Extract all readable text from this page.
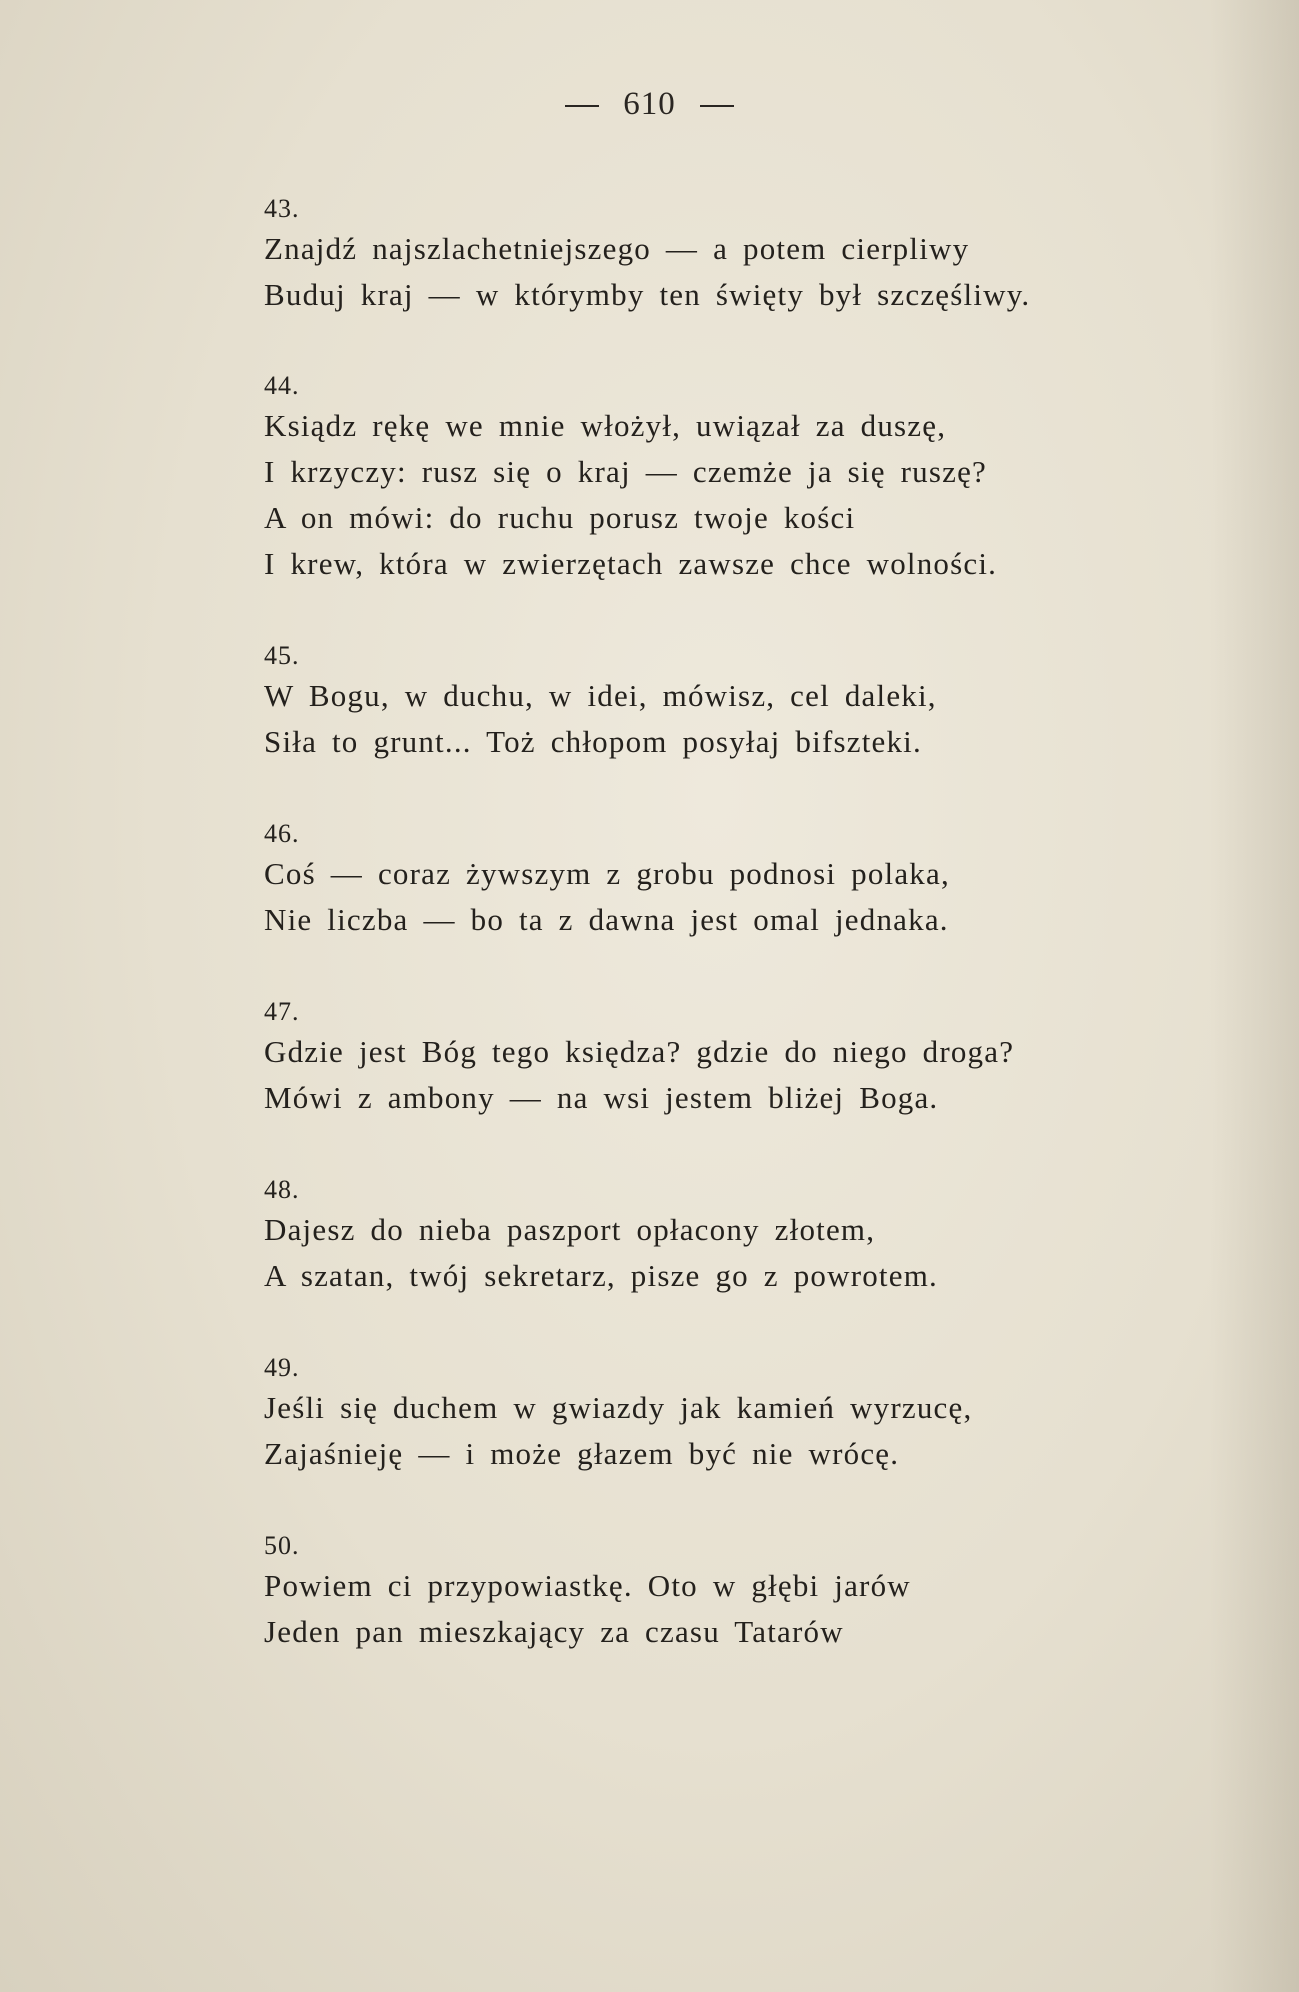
610
43.
Znajdź najszlachetniejszego — a potem cierpliwy
Buduj kraj — w którymby ten święty był szczęśliwy.
44.
Ksiądz rękę we mnie włożył, uwiązał za duszę,
I krzyczy: rusz się o kraj — czemże ja się ruszę?
A on mówi: do ruchu porusz twoje kości
I krew, która w zwierzętach zawsze chce wolności.
45.
W Bogu, w duchu, w idei, mówisz, cel daleki,
Siła to grunt... Toż chłopom posyłaj bifszteki.
46.
Coś — coraz żywszym z grobu podnosi polaka,
Nie liczba — bo ta z dawna jest omal jednaka.
47.
Gdzie jest Bóg tego księdza? gdzie do niego droga?
Mówi z ambony — na wsi jestem bliżej Boga.
48.
Dajesz do nieba paszport opłacony złotem,
A szatan, twój sekretarz, pisze go z powrotem.
49.
Jeśli się duchem w gwiazdy jak kamień wyrzucę,
Zajaśnieję — i może głazem być nie wrócę.
50.
Powiem ci przypowiastkę. Oto w głębi jarów
Jeden pan mieszkający za czasu Tatarów
